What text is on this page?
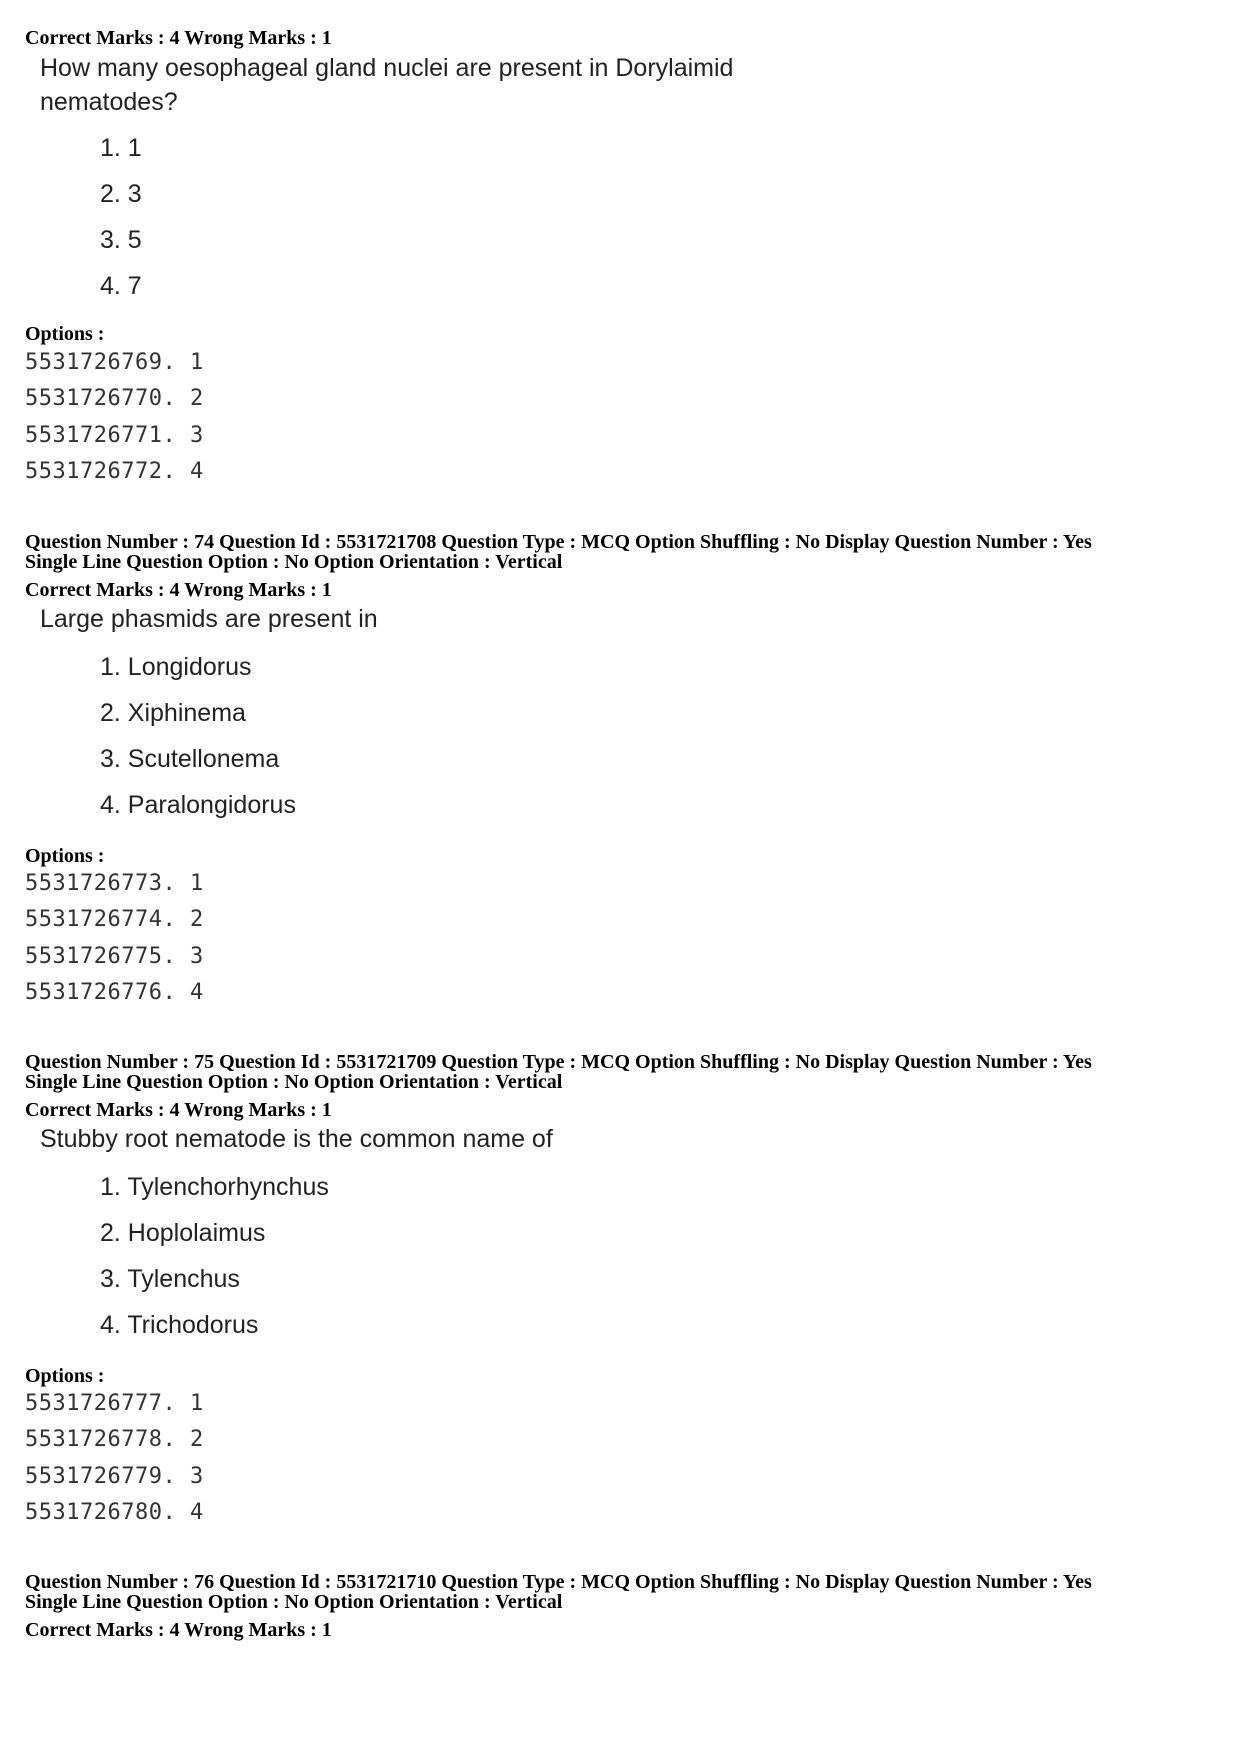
Correct Marks : 4 Wrong Marks : 1
How many oesophageal gland nuclei are present in Dorylaimid nematodes?
1. 1
2. 3
3. 5
4. 7
Options :
5531726769. 1
5531726770. 2
5531726771. 3
5531726772. 4
Question Number : 74 Question Id : 5531721708 Question Type : MCQ Option Shuffling : No Display Question Number : Yes
Single Line Question Option : No Option Orientation : Vertical
Correct Marks : 4 Wrong Marks : 1
Large phasmids are present in
1. Longidorus
2. Xiphinema
3. Scutellonema
4. Paralongidorus
Options :
5531726773. 1
5531726774. 2
5531726775. 3
5531726776. 4
Question Number : 75 Question Id : 5531721709 Question Type : MCQ Option Shuffling : No Display Question Number : Yes
Single Line Question Option : No Option Orientation : Vertical
Correct Marks : 4 Wrong Marks : 1
Stubby root nematode is the common name of
1. Tylenchorhynchus
2. Hoplolaimus
3. Tylenchus
4. Trichodorus
Options :
5531726777. 1
5531726778. 2
5531726779. 3
5531726780. 4
Question Number : 76 Question Id : 5531721710 Question Type : MCQ Option Shuffling : No Display Question Number : Yes
Single Line Question Option : No Option Orientation : Vertical
Correct Marks : 4 Wrong Marks : 1
